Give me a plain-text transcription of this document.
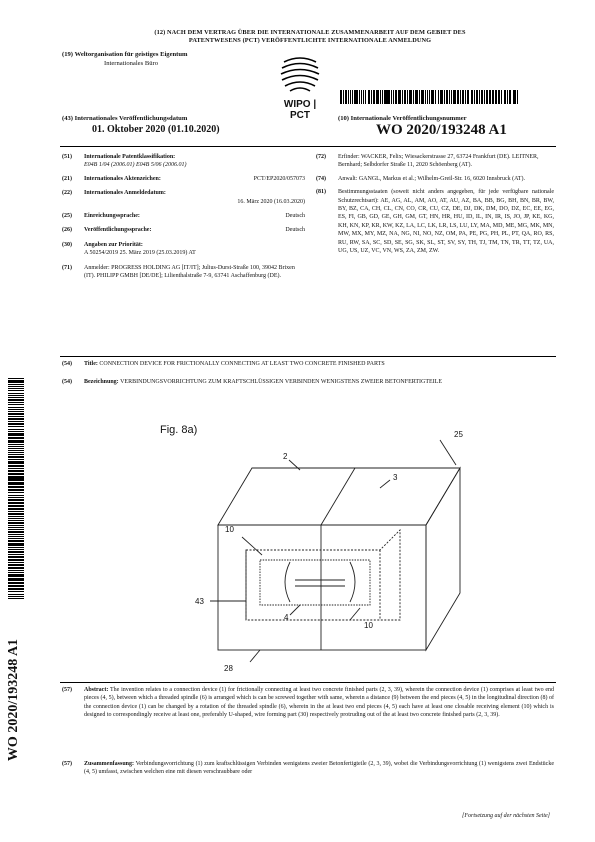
(12) NACH DEM VERTRAG ÜBER DIE INTERNATIONALE ZUSAMMENARBEIT AUF DEM GEBIET DES
PATENTWESENS (PCT) VERÖFFENTLICHTE INTERNATIONALE ANMELDUNG
(19) Weltorganisation für geistiges Eigentum
Internationales Büro
WIPO | PCT
(43) Internationales Veröffentlichungsdatum
01. Oktober 2020 (01.10.2020)
(10) Internationale Veröffentlichungsnummer
WO 2020/193248 A1
(51) Internationale Patentklassifikation:
E04B 1/04 (2006.01) E04B 5/06 (2006.01)
(21) Internationales Aktenzeichen:	PCT/EP2020/057073
(22) Internationales Anmeldedatum:
16. März 2020 (16.03.2020)
(25) Einreichungssprache:	Deutsch
(26) Veröffentlichungssprache:	Deutsch
(30) Angaben zur Priorität:
A 50254/2019 25. März 2019 (25.03.2019) AT
(71)	Anmelder: PROGRESS HOLDING AG [IT/IT]; Julius-Durst-Straße 100, 39042 Brixen (IT). PHILIPP GMBH [DE/DE]; Lilienthalstraße 7-9, 63741 Aschaffenburg (DE).
(72)	Erfinder: WACKER, Felix; Wiesackerstrasse 27, 63724 Frankfurt (DE). LEITNER, Bernhard; Selbdorfer Straße 11, 2020 Schöenberg (AT).
(74)	Anwalt: GANGL, Markus et al.; Wilhelm-Greil-Str. 16, 6020 Innsbruck (AT).
(81)	Bestimmungsstaaten (soweit nicht anders angegeben, für jede verfügbare nationale Schutzrechtsart): AE, AG, AL, AM, AO, AT, AU, AZ, BA, BB, BG, BH, BN, BR, BW, BY, BZ, CA, CH, CL, CN, CO, CR, CU, CZ, DE, DJ, DK, DM, DO, DZ, EC, EE, EG, ES, FI, GB, GD, GE, GH, GM, GT, HN, HR, HU, ID, IL, IN, IR, IS, JO, JP, KE, KG, KH, KN, KP, KR, KW, KZ, LA, LC, LK, LR, LS, LU, LY, MA, MD, ME, MG, MK, MN, MW, MX, MY, MZ, NA, NG, NI, NO, NZ, OM, PA, PE, PG, PH, PL, PT, QA, RO, RS, RU, RW, SA, SC, SD, SE, SG, SK, SL, ST, SV, SY, TH, TJ, TM, TN, TR, TT, TZ, UA, UG, US, UZ, VC, VN, WS, ZA, ZM, ZW.
(54)	Title: CONNECTION DEVICE FOR FRICTIONALLY CONNECTING AT LEAST TWO CONCRETE FINISHED PARTS
(54)	Bezeichnung: VERBINDUNGSVORRICHTUNG ZUM KRAFTSCHLÜSSIGEN VERBINDEN WENIGSTENS ZWEIER BETONFERTIGTEILE
WO 2020/193248 A1
Fig. 8a)
2
3
25
10
10
43
4
28
(57)	Abstract: The invention relates to a connection device (1) for frictionally connecting at least two concrete finished parts (2, 3, 39), wherein the connection device (1) comprises at least two end pieces (4, 5), between which a threaded spindle (6) is arranged which is can be screwed together with same, wherein a distance (9) between the end pieces (4, 5) in the longitudinal direction (8) of the connection device (1) can be changed by a rotation of the threaded spindle (6), wherein in the at least two end pieces (4, 5) each have at least one closable receiving element (10) which is designed to correspondingly receive at least one, preferably U-shaped, wire forming part (30) respectively protruding out of the at least two concrete finished parts (2, 3, 39).
(57)	Zusammenfassung: Verbindungsvorrichtung (1) zum kraftschlüssigen Verbinden wenigstens zweier Betonfertigteile (2, 3, 39), wobei die Verbindungsvorrichtung (1) wenigstens zwei Endstücke (4, 5) umfasst, zwischen welchen eine mit diesen verschraubbare oder
[Fortsetzung auf der nächsten Seite]
